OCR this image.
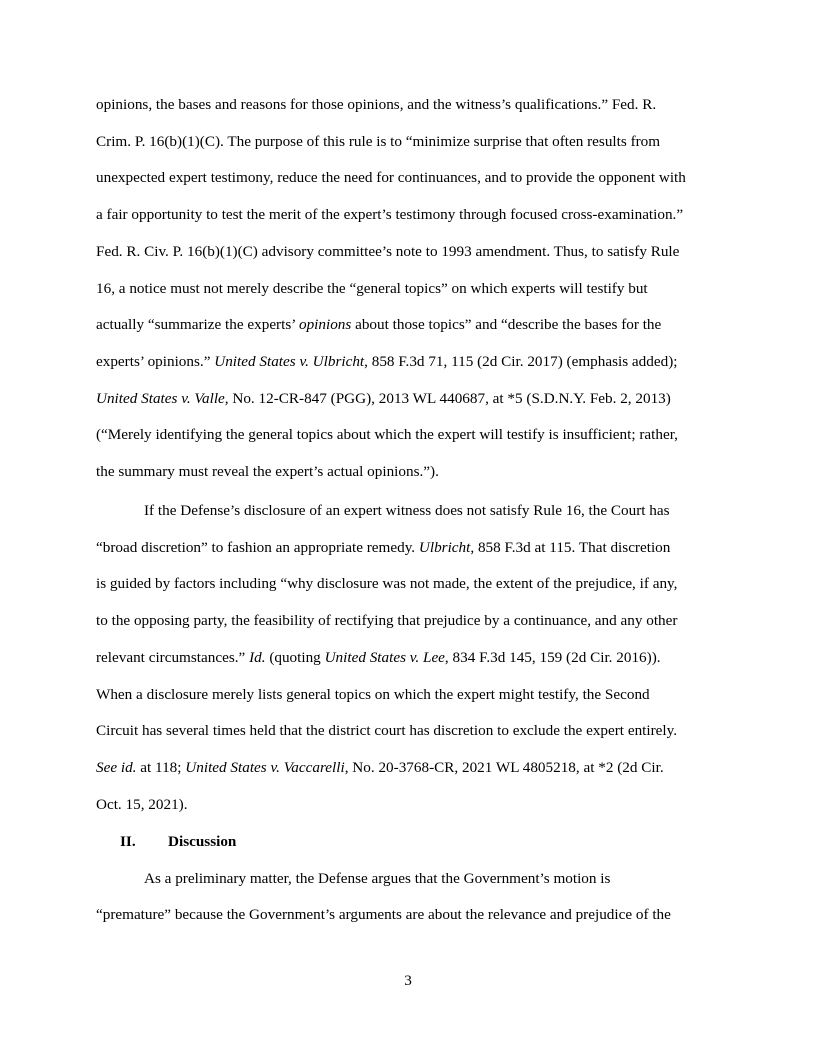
opinions, the bases and reasons for those opinions, and the witness’s qualifications.” Fed. R.
Crim. P. 16(b)(1)(C). The purpose of this rule is to “minimize surprise that often results from
unexpected expert testimony, reduce the need for continuances, and to provide the opponent with
a fair opportunity to test the merit of the expert’s testimony through focused cross-examination.”
Fed. R. Civ. P. 16(b)(1)(C) advisory committee’s note to 1993 amendment. Thus, to satisfy Rule
16, a notice must not merely describe the “general topics” on which experts will testify but
actually “summarize the experts’ opinions about those topics” and “describe the bases for the
experts’ opinions.” United States v. Ulbricht, 858 F.3d 71, 115 (2d Cir. 2017) (emphasis added);
United States v. Valle, No. 12-CR-847 (PGG), 2013 WL 440687, at *5 (S.D.N.Y. Feb. 2, 2013)
(“Merely identifying the general topics about which the expert will testify is insufficient; rather,
the summary must reveal the expert’s actual opinions.”).
If the Defense’s disclosure of an expert witness does not satisfy Rule 16, the Court has
“broad discretion” to fashion an appropriate remedy. Ulbricht, 858 F.3d at 115. That discretion
is guided by factors including “why disclosure was not made, the extent of the prejudice, if any,
to the opposing party, the feasibility of rectifying that prejudice by a continuance, and any other
relevant circumstances.” Id. (quoting United States v. Lee, 834 F.3d 145, 159 (2d Cir. 2016)).
When a disclosure merely lists general topics on which the expert might testify, the Second
Circuit has several times held that the district court has discretion to exclude the expert entirely.
See id. at 118; United States v. Vaccarelli, No. 20-3768-CR, 2021 WL 4805218, at *2 (2d Cir.
Oct. 15, 2021).
II. Discussion
As a preliminary matter, the Defense argues that the Government’s motion is
“premature” because the Government’s arguments are about the relevance and prejudice of the
3
